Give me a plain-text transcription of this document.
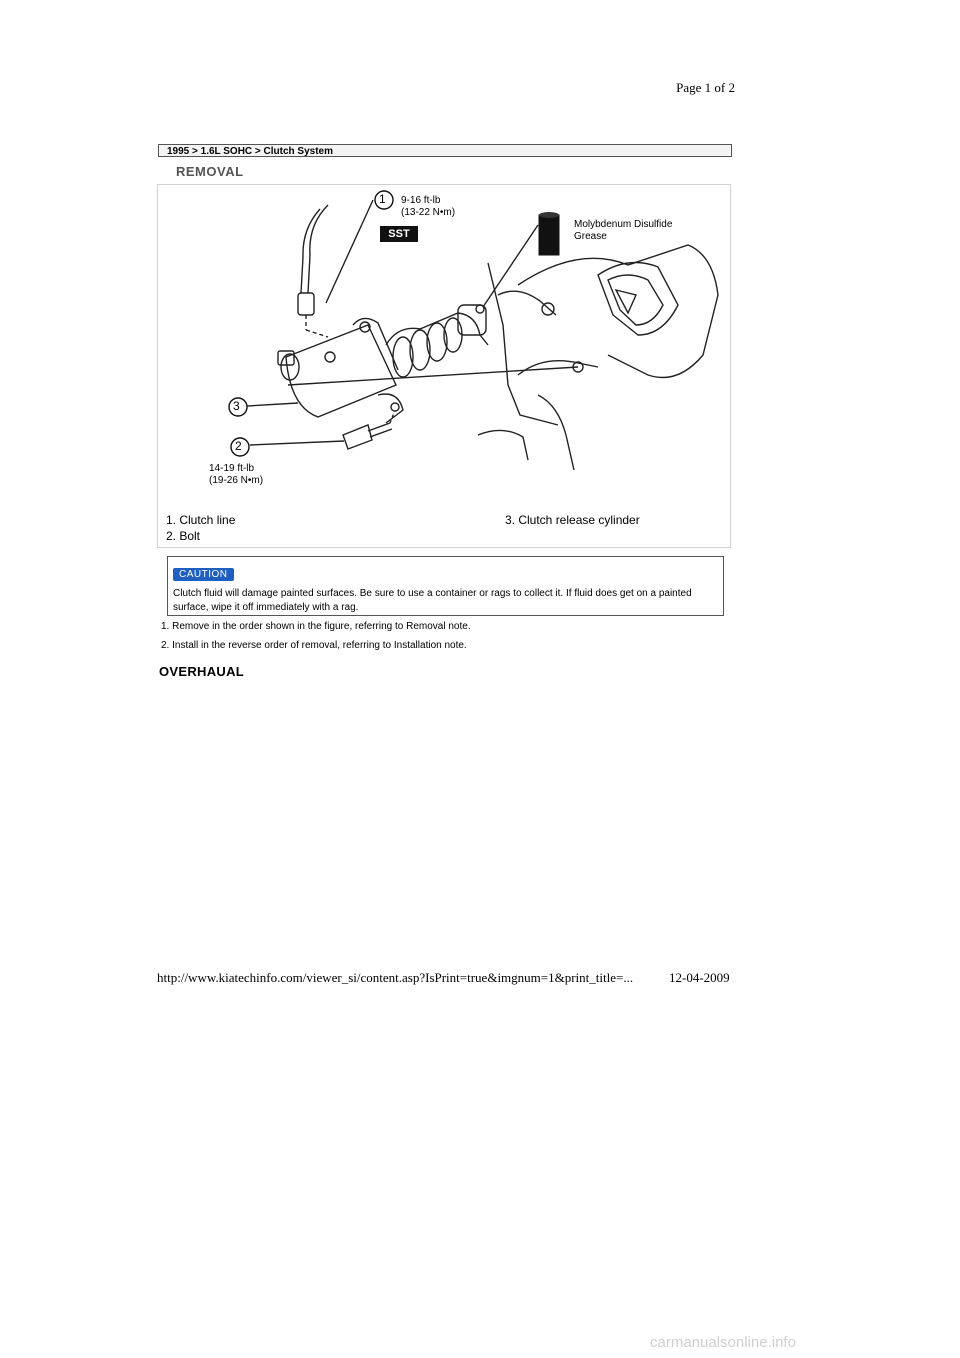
Page 1 of 2
1995 > 1.6L SOHC > Clutch System
REMOVAL
1
3
2
9-16 ft-lb
(13-22 N•m)
SST
Molybdenum Disulfide
Grease
14-19 ft-lb
(19-26 N•m)
1. Clutch line
2. Bolt
3. Clutch release cylinder
CAUTION
Clutch fluid will damage painted surfaces. Be sure to use a container or rags to collect it. If fluid does get on a painted surface, wipe it off immediately with a rag.
1. Remove in the order shown in the figure, referring to Removal note.
2. Install in the reverse order of removal, referring to Installation note.
OVERHAUAL
http://www.kiatechinfo.com/viewer_si/content.asp?IsPrint=true&imgnum=1&print_title=...	12-04-2009
carmanualsonline.info
